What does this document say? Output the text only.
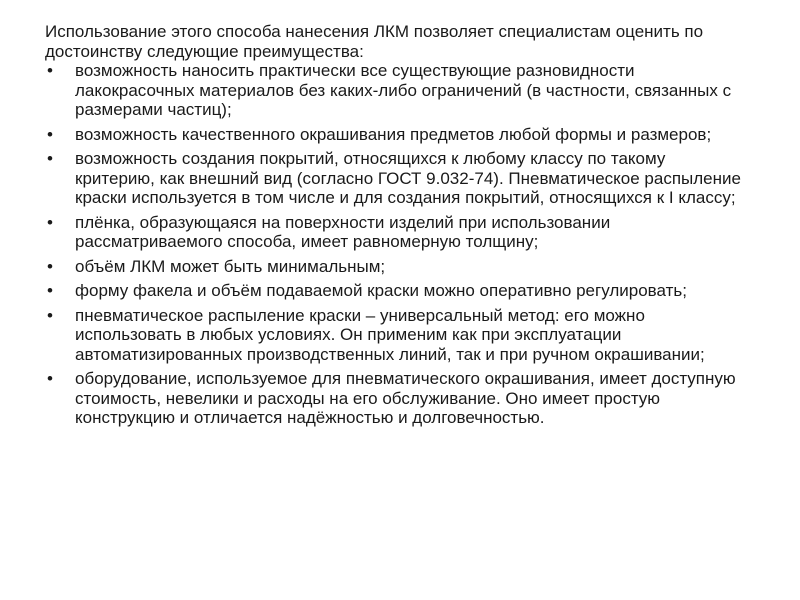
Использование этого способа нанесения ЛКМ позволяет специалистам оценить по достоинству следующие преимущества:

• возможность наносить практически все существующие разновидности лакокрасочных материалов без каких-либо ограничений (в частности, связанных с размерами частиц);
• возможность качественного окрашивания предметов любой формы и размеров;
• возможность создания покрытий, относящихся к любому классу по такому критерию, как внешний вид (согласно ГОСТ 9.032-74). Пневматическое распыление краски используется в том числе и для создания покрытий, относящихся к I классу;
• плёнка, образующаяся на поверхности изделий при использовании рассматриваемого способа, имеет равномерную толщину;
• объём ЛКМ может быть минимальным;
• форму факела и объём подаваемой краски можно оперативно регулировать;
• пневматическое распыление краски – универсальный метод: его можно использовать в любых условиях. Он применим как при эксплуатации автоматизированных производственных линий, так и при ручном окрашивании;
• оборудование, используемое для пневматического окрашивания, имеет доступную стоимость, невелики и расходы на его обслуживание. Оно имеет простую конструкцию и отличается надёжностью и долговечностью.
